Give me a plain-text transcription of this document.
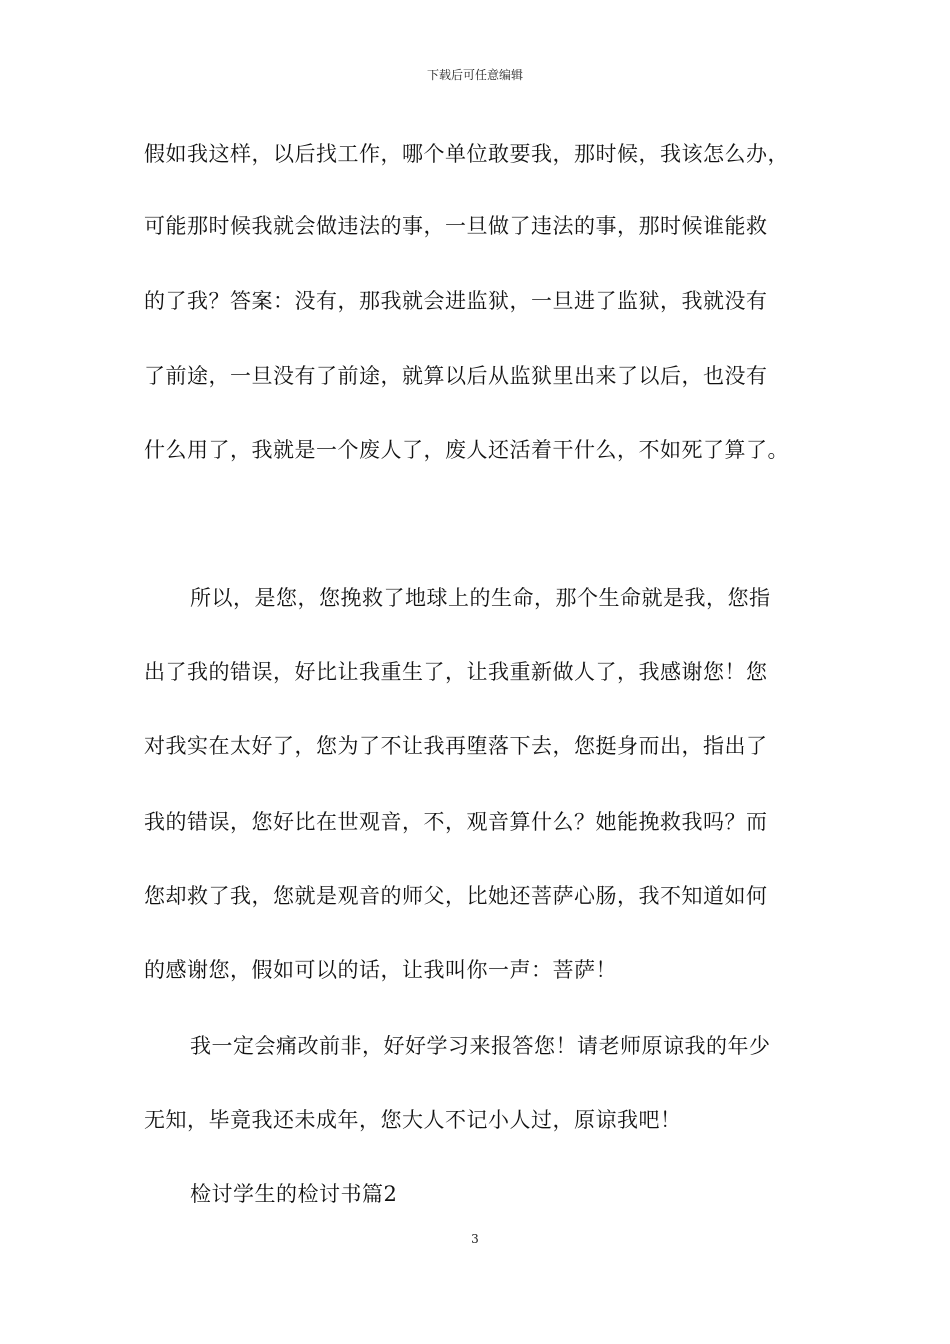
下载后可任意编辑
假如我这样，以后找工作，哪个单位敢要我，那时候，我该怎么办，
可能那时候我就会做违法的事，一旦做了违法的事，那时候谁能救
的了我？答案：没有，那我就会进监狱，一旦进了监狱，我就没有
了前途，一旦没有了前途，就算以后从监狱里出来了以后，也没有
什么用了，我就是一个废人了，废人还活着干什么，不如死了算了。
所以，是您，您挽救了地球上的生命，那个生命就是我，您指
出了我的错误，好比让我重生了，让我重新做人了，我感谢您！您
对我实在太好了，您为了不让我再堕落下去，您挺身而出，指出了
我的错误，您好比在世观音，不，观音算什么？她能挽救我吗？而
您却救了我，您就是观音的师父，比她还菩萨心肠，我不知道如何
的感谢您，假如可以的话，让我叫你一声：菩萨！
我一定会痛改前非，好好学习来报答您！请老师原谅我的年少
无知，毕竟我还未成年，您大人不记小人过，原谅我吧！
检讨学生的检讨书篇2
3
